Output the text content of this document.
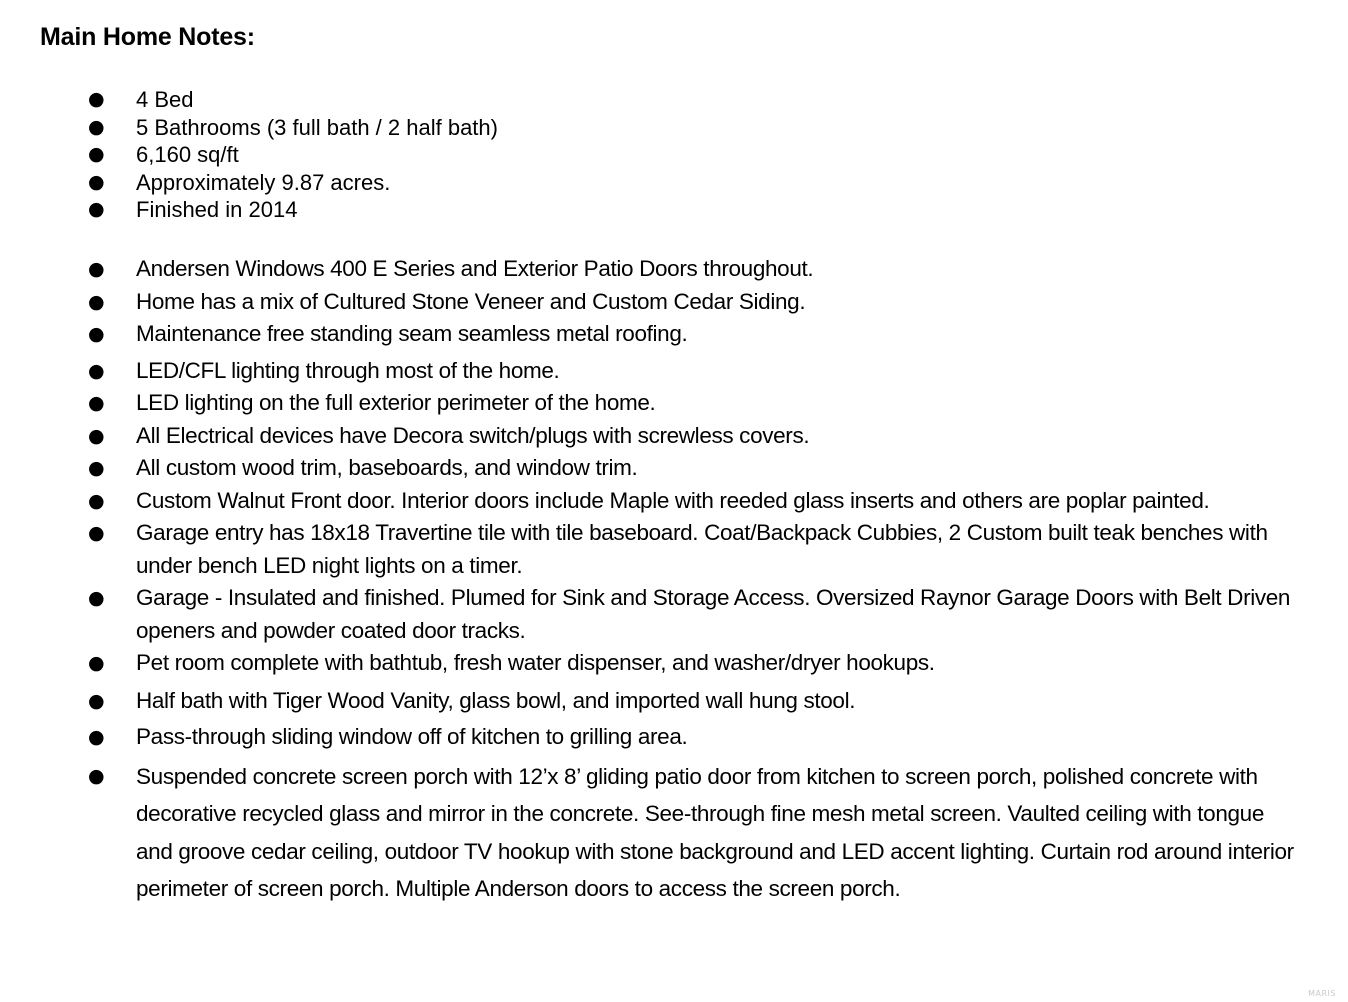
Main Home Notes:
● 4 Bed
● 5 Bathrooms (3 full bath / 2 half bath)
● 6,160 sq/ft
● Approximately 9.87 acres.
● Finished in 2014
● Andersen Windows 400 E Series and Exterior Patio Doors throughout.
● Home has a mix of Cultured Stone Veneer and Custom Cedar Siding.
● Maintenance free standing seam seamless metal roofing.
● LED/CFL lighting through most of the home.
● LED lighting on the full exterior perimeter of the home.
● All Electrical devices have Decora switch/plugs with screwless covers.
● All custom wood trim, baseboards, and window trim.
● Custom Walnut Front door. Interior doors include Maple with reeded glass inserts and others are poplar painted.
● Garage entry has 18x18 Travertine tile with tile baseboard. Coat/Backpack Cubbies, 2 Custom built teak benches with under bench LED night lights on a timer.
● Garage - Insulated and finished. Plumed for Sink and Storage Access. Oversized Raynor Garage Doors with Belt Driven openers and powder coated door tracks.
● Pet room complete with bathtub, fresh water dispenser, and washer/dryer hookups.
● Half bath with Tiger Wood Vanity, glass bowl, and imported wall hung stool.
● Pass-through sliding window off of kitchen to grilling area.
● Suspended concrete screen porch with 12’x 8’ gliding patio door from kitchen to screen porch, polished concrete with decorative recycled glass and mirror in the concrete. See-through fine mesh metal screen. Vaulted ceiling with tongue and groove cedar ceiling, outdoor TV hookup with stone background and LED accent lighting. Curtain rod around interior perimeter of screen porch. Multiple Anderson doors to access the screen porch.
MARIS
